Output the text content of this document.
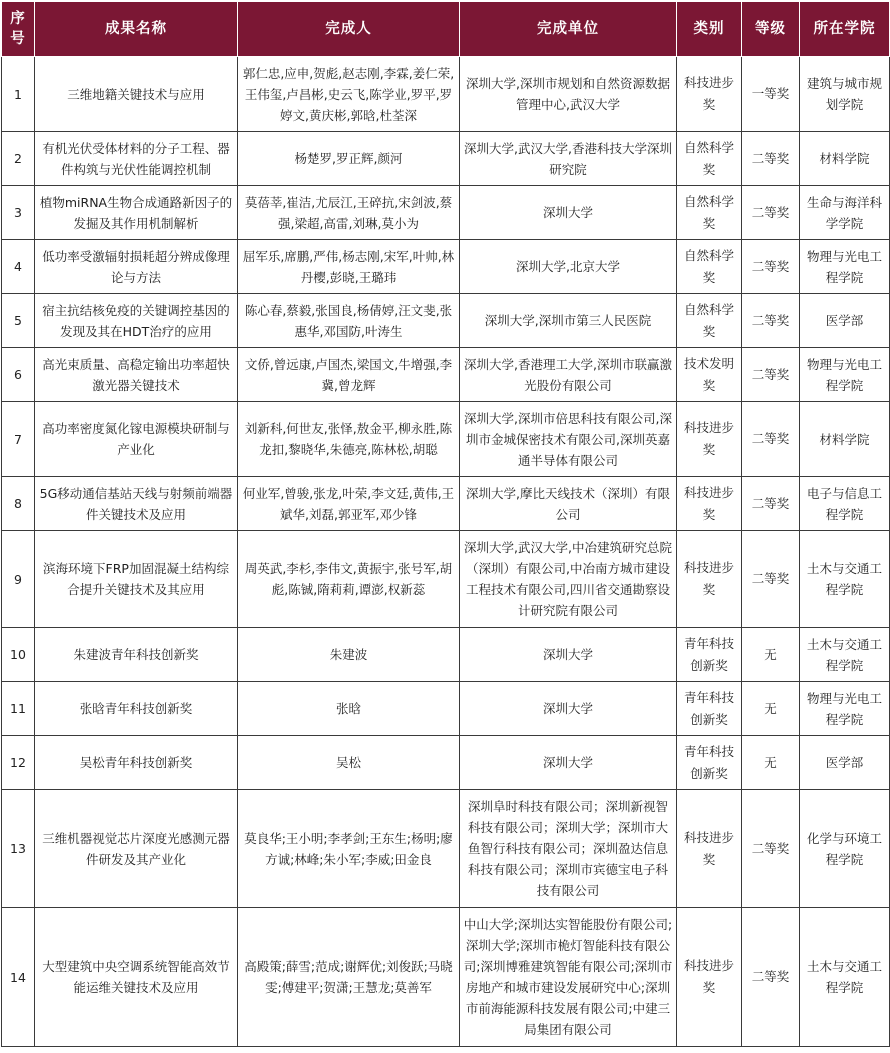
序号	成果名称	完成人	完成单位	类别	等级	所在学院
1	三维地籍关键技术与应用	郭仁忠,应申,贺彪,赵志刚,李霖,姜仁荣,王伟玺,卢昌彬,史云飞,陈学业,罗平,罗婷文,黄庆彬,郭晗,杜荃深	深圳大学,深圳市规划和自然资源数据管理中心,武汉大学	科技进步奖	一等奖	建筑与城市规划学院
2	有机光伏受体材料的分子工程、器件构筑与光伏性能调控机制	杨楚罗,罗正辉,颜河	深圳大学,武汉大学,香港科技大学深圳研究院	自然科学奖	二等奖	材料学院
3	植物miRNA生物合成通路新因子的发掘及其作用机制解析	莫蓓莘,崔洁,尤辰江,王碎抗,宋剑波,蔡强,梁超,高雷,刘琳,莫小为	深圳大学	自然科学奖	二等奖	生命与海洋科学学院
4	低功率受激辐射损耗超分辨成像理论与方法	屈军乐,席鹏,严伟,杨志刚,宋军,叶帅,林丹樱,彭晓,王璐玮	深圳大学,北京大学	自然科学奖	二等奖	物理与光电工程学院
5	宿主抗结核免疫的关键调控基因的发现及其在HDT治疗的应用	陈心春,蔡毅,张国良,杨倩婷,汪文斐,张惠华,邓国防,叶涛生	深圳大学,深圳市第三人民医院	自然科学奖	二等奖	医学部
6	高光束质量、高稳定输出功率超快激光器关键技术	文侨,曾远康,卢国杰,梁国文,牛增强,李冀,曾龙辉	深圳大学,香港理工大学,深圳市联赢激光股份有限公司	技术发明奖	二等奖	物理与光电工程学院
7	高功率密度氮化镓电源模块研制与产业化	刘新科,何世友,张怿,敖金平,柳永胜,陈龙扣,黎晓华,朱德亮,陈林松,胡聪	深圳大学,深圳市倍思科技有限公司,深圳市金城保密技术有限公司,深圳英嘉通半导体有限公司	科技进步奖	二等奖	材料学院
8	5G移动通信基站天线与射频前端器件关键技术及应用	何业军,曾骏,张龙,叶荣,李文廷,黄伟,王斌华,刘磊,郭亚军,邓少锋	深圳大学,摩比天线技术（深圳）有限公司	科技进步奖	二等奖	电子与信息工程学院
9	滨海环境下FRP加固混凝土结构综合提升关键技术及其应用	周英武,李杉,李伟文,黄振宇,张号军,胡彪,陈铖,隋莉莉,谭澎,权新蕊	深圳大学,武汉大学,中冶建筑研究总院（深圳）有限公司,中冶南方城市建设工程技术有限公司,四川省交通勘察设计研究院有限公司	科技进步奖	二等奖	土木与交通工程学院
10	朱建波青年科技创新奖	朱建波	深圳大学	青年科技创新奖	无	土木与交通工程学院
11	张晗青年科技创新奖	张晗	深圳大学	青年科技创新奖	无	物理与光电工程学院
12	吴松青年科技创新奖	吴松	深圳大学	青年科技创新奖	无	医学部
13	三维机器视觉芯片深度光感测元器件研发及其产业化	莫良华;王小明;李孝剑;王东生;杨明;廖方诚;林峰;朱小军;李威;田金良	深圳阜时科技有限公司；深圳新视智科技有限公司；深圳大学；深圳市大鱼智行科技有限公司；深圳盈达信息科技有限公司；深圳市宾德宝电子科技有限公司	科技进步奖	二等奖	化学与环境工程学院
14	大型建筑中央空调系统智能高效节能运维关键技术及应用	高殿策;薛雪;范成;谢辉优;刘俊跃;马晓雯;傅建平;贺潇;王慧龙;莫善军	中山大学;深圳达实智能股份有限公司;深圳大学;深圳市桅灯智能科技有限公司;深圳博雅建筑智能有限公司;深圳市房地产和城市建设发展研究中心;深圳市前海能源科技发展有限公司;中建三局集团有限公司	科技进步奖	二等奖	土木与交通工程学院
